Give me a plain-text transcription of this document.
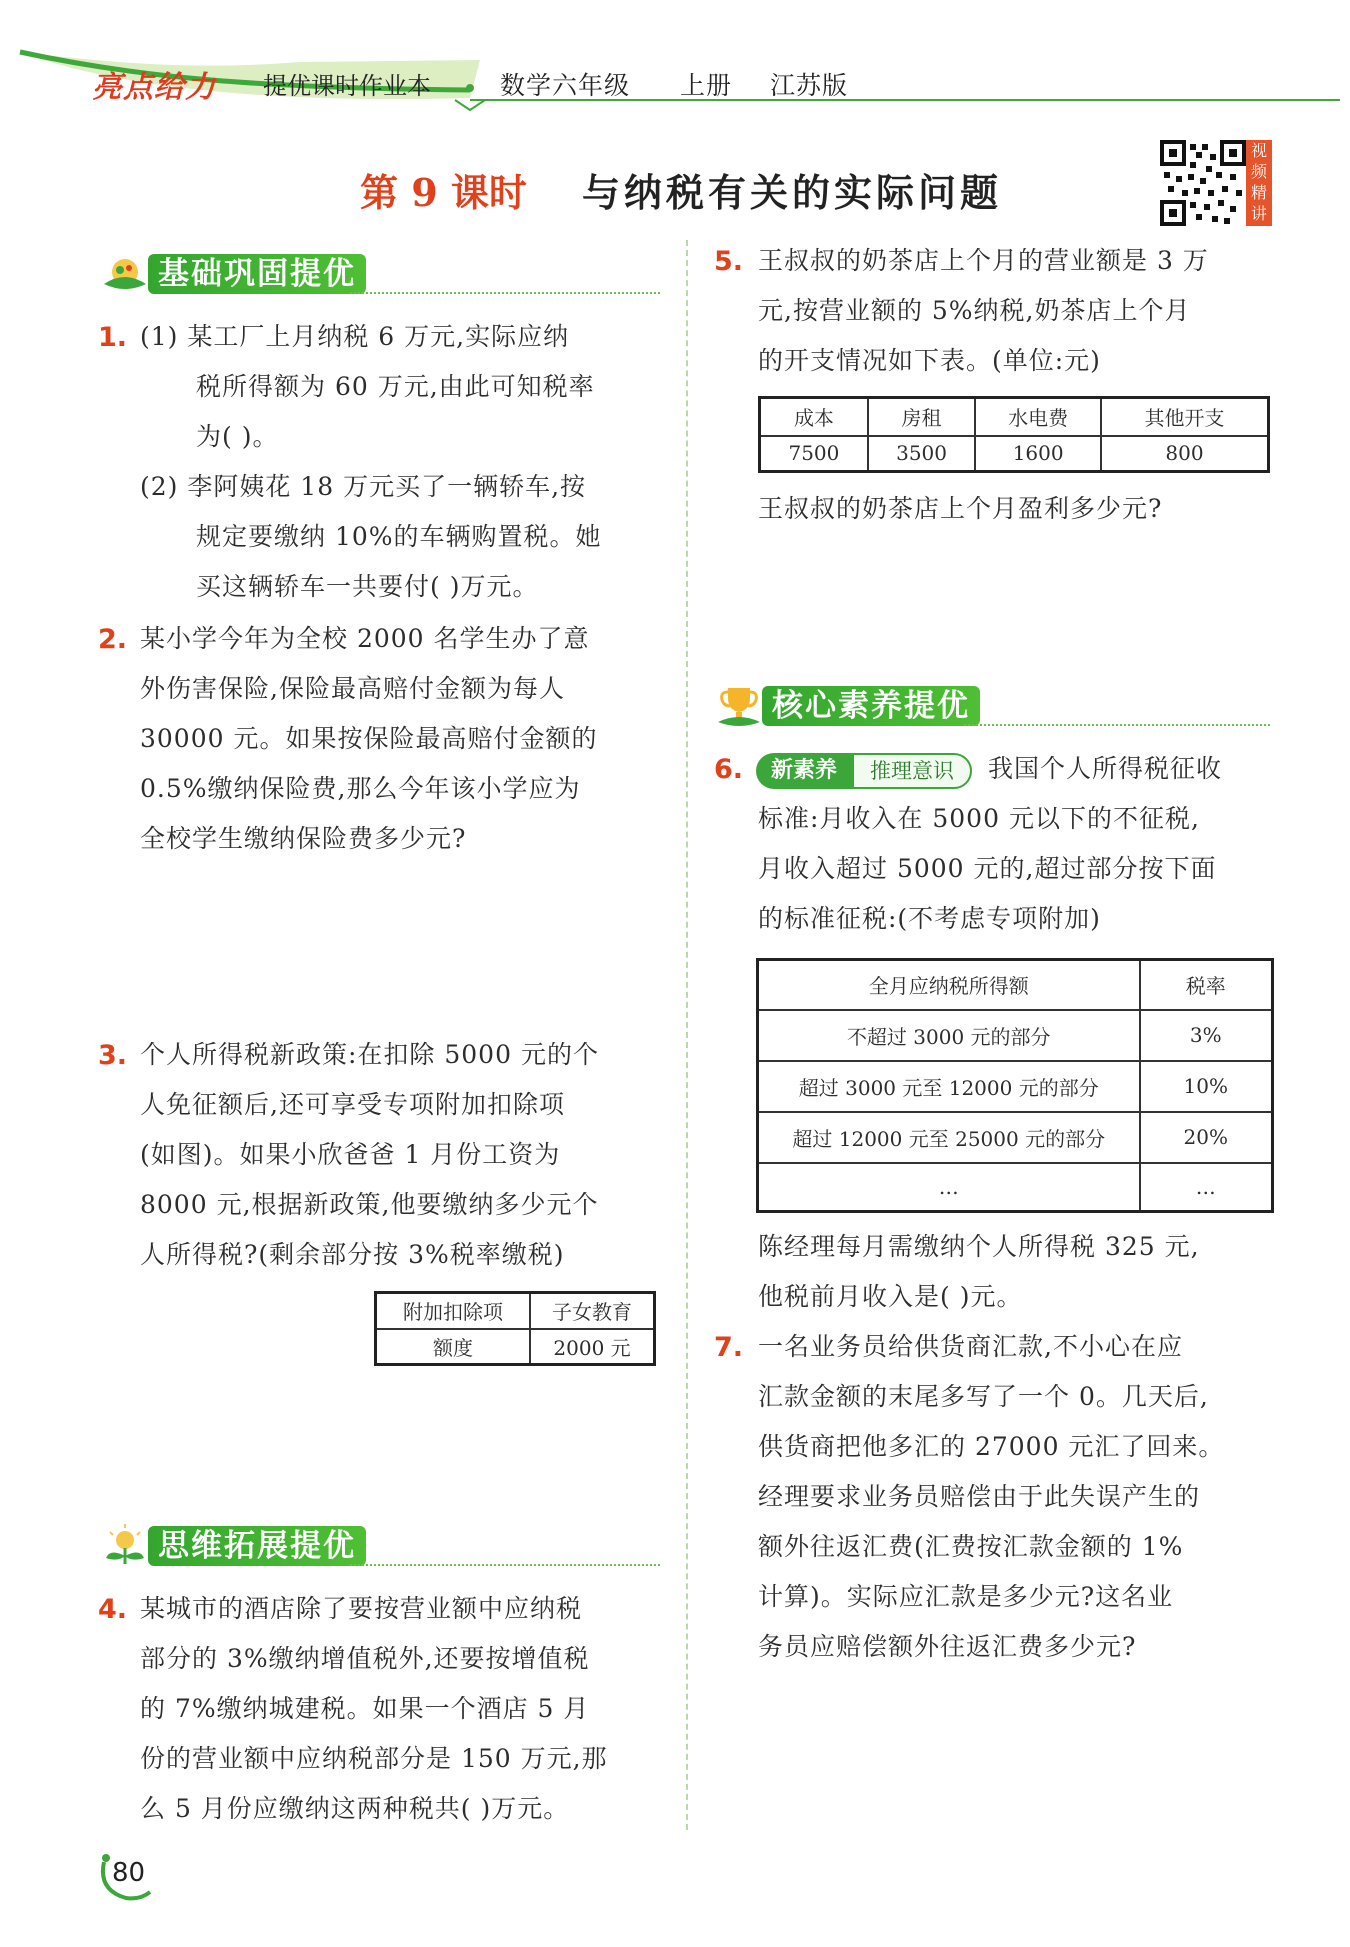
亮点给力 提优课时作业本	数学六年级 上册 江苏版
第 9 课时 与纳税有关的实际问题
视频精讲
基础巩固提优
1. (1) 某工厂上月纳税 6 万元,实际应纳
税所得额为 60 万元,由此可知税率
为( )。
(2) 李阿姨花 18 万元买了一辆轿车,按
规定要缴纳 10%的车辆购置税。她
买这辆轿车一共要付( )万元。
2. 某小学今年为全校 2000 名学生办了意
外伤害保险,保险最高赔付金额为每人
30000 元。如果按保险最高赔付金额的
0.5%缴纳保险费,那么今年该小学应为
全校学生缴纳保险费多少元?
3. 个人所得税新政策:在扣除 5000 元的个
人免征额后,还可享受专项附加扣除项
(如图)。如果小欣爸爸 1 月份工资为
8000 元,根据新政策,他要缴纳多少元个
人所得税?(剩余部分按 3%税率缴税)
附加扣除项	子女教育
额度	2000 元
思维拓展提优
4. 某城市的酒店除了要按营业额中应纳税
部分的 3%缴纳增值税外,还要按增值税
的 7%缴纳城建税。如果一个酒店 5 月
份的营业额中应纳税部分是 150 万元,那
么 5 月份应缴纳这两种税共( )万元。
5. 王叔叔的奶茶店上个月的营业额是 3 万
元,按营业额的 5%纳税,奶茶店上个月
的开支情况如下表。(单位:元)
成本	房租	水电费	其他开支
7500	3500	1600	800
王叔叔的奶茶店上个月盈利多少元?
核心素养提优
6.	新素养	推理意识	我国个人所得税征收
标准:月收入在 5000 元以下的不征税,
月收入超过 5000 元的,超过部分按下面
的标准征税:(不考虑专项附加)
全月应纳税所得额	税率
不超过 3000 元的部分	3%
超过 3000 元至 12000 元的部分	10%
超过 12000 元至 25000 元的部分	20%
…	…
陈经理每月需缴纳个人所得税 325 元,
他税前月收入是( )元。
7. 一名业务员给供货商汇款,不小心在应
汇款金额的末尾多写了一个 0。几天后,
供货商把他多汇的 27000 元汇了回来。
经理要求业务员赔偿由于此失误产生的
额外往返汇费(汇费按汇款金额的 1%
计算)。实际应汇款是多少元?这名业
务员应赔偿额外往返汇费多少元?
80
